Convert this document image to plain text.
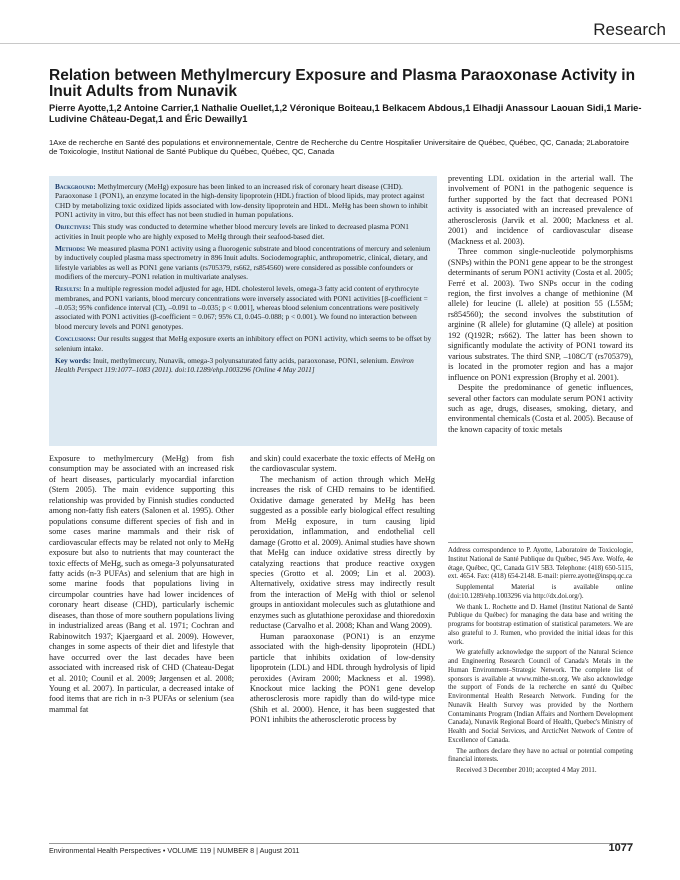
Research
Relation between Methylmercury Exposure and Plasma Paraoxonase Activity in Inuit Adults from Nunavik
Pierre Ayotte,1,2 Antoine Carrier,1 Nathalie Ouellet,1,2 Véronique Boiteau,1 Belkacem Abdous,1 Elhadji Anassour Laouan Sidi,1 Marie-Ludivine Château-Degat,1 and Éric Dewailly1
1Axe de recherche en Santé des populations et environnementale, Centre de Recherche du Centre Hospitalier Universitaire de Québec, Québec, QC, Canada; 2Laboratoire de Toxicologie, Institut National de Santé Publique du Québec, Québec, QC, Canada

Background: Methylmercury (MeHg) exposure has been linked to an increased risk of coronary heart disease (CHD). Paraoxonase 1 (PON1), an enzyme located in the high-density lipoprotein (HDL) fraction of blood lipids, may protect against CHD by metabolizing toxic oxidized lipids associated with low-density lipoprotein and HDL. MeHg has been shown to inhibit PON1 activity in vitro, but this effect has not been studied in human populations.

Objectives: This study was conducted to determine whether blood mercury levels are linked to decreased plasma PON1 activities in Inuit people who are highly exposed to MeHg through their seafood-based diet.

Methods: We measured plasma PON1 activity using a fluorogenic substrate and blood concentrations of mercury and selenium by inductively coupled plasma mass spectrometry in 896 Inuit adults. Sociodemographic, anthropometric, clinical, dietary, and lifestyle variables as well as PON1 gene variants (rs705379, rs662, rs854560) were considered as possible confounders or modifiers of the mercury–PON1 relation in multivariate analyses.

Results: In a multiple regression model adjusted for age, HDL cholesterol levels, omega-3 fatty acid content of erythrocyte membranes, and PON1 variants, blood mercury concentrations were inversely associated with PON1 activities [β-coefficient = –0.053; 95% confidence interval (CI), –0.091 to –0.035; p < 0.001], whereas blood selenium concentrations were positively associated with PON1 activities (β-coefficient = 0.067; 95% CI, 0.045–0.088; p < 0.001). We found no interaction between blood mercury levels and PON1 genotypes.

Conclusions: Our results suggest that MeHg exposure exerts an inhibitory effect on PON1 activity, which seems to be offset by selenium intake.

Key words: Inuit, methylmercury, Nunavik, omega-3 polyunsaturated fatty acids, paraoxonase, PON1, selenium. Environ Health Perspect 119:1077–1083 (2011). doi:10.1289/ehp.1003296 [Online 4 May 2011]

Exposure to methylmercury (MeHg) from fish consumption may be associated with an increased risk of heart diseases, particularly myocardial infarction (Stern 2005). The main evidence supporting this relationship was provided by Finnish studies conducted among non-fatty fish eaters (Salonen et al. 1995). Other populations consume different species of fish and in some cases marine mammals and their risk of cardiovascular effects may be related not only to MeHg exposure but also to nutrients that may counteract the toxic effects of MeHg, such as omega-3 polyunsaturated fatty acids (n-3 PUFAs) and selenium that are high in some marine foods that populations living in circumpolar countries have had lower incidences of coronary heart disease (CHD), particularly ischemic diseases, than those of more southern populations living in industrialized areas (Bang et al. 1971; Cochran and Rabinowitch 1937; Kjaergaard et al. 2009). However, changes in some aspects of their diet and lifestyle that have occurred over the last decades have been associated with increased risk of CHD (Chateau-Degat et al. 2010; Counil et al. 2009; Jørgensen et al. 2008; Young et al. 2007). In particular, a decreased intake of food items that are rich in n-3 PUFAs or selenium (sea mammal fat

and skin) could exacerbate the toxic effects of MeHg on the cardiovascular system.

The mechanism of action through which MeHg increases the risk of CHD remains to be identified. Oxidative damage generated by MeHg has been suggested as a possible early biological effect resulting from MeHg exposure, in turn causing lipid peroxidation, inflammation, and endothelial cell damage (Grotto et al. 2009). Animal studies have shown that MeHg can induce oxidative stress directly by catalyzing reactions that produce reactive oxygen species (Grotto et al. 2009; Lin et al. 2003). Alternatively, oxidative stress may indirectly result from the interaction of MeHg with thiol or selenol groups in antioxidant molecules such as glutathione and enzymes such as glutathione peroxidase and thioredoxin reductase (Carvalho et al. 2008; Khan and Wang 2009).

Human paraoxonase (PON1) is an enzyme associated with the high-density lipoprotein (HDL) particle that inhibits oxidation of low-density lipoprotein (LDL) and HDL through hydrolysis of lipid peroxides (Aviram 2000; Mackness et al. 1998). Knockout mice lacking the PON1 gene develop atherosclerosis more rapidly than do wild-type mice (Shih et al. 2000). Hence, it has been suggested that PON1 inhibits the atherosclerotic process by

preventing LDL oxidation in the arterial wall. The involvement of PON1 in the pathogenic sequence is further supported by the fact that decreased PON1 activity is associated with an increased prevalence of atherosclerosis (Jarvik et al. 2000; Mackness et al. 2001) and incidence of cardiovascular disease (Mackness et al. 2003).

Three common single-nucleotide polymorphisms (SNPs) within the PON1 gene appear to be the strongest determinants of serum PON1 activity (Costa et al. 2005; Ferré et al. 2003). Two SNPs occur in the coding region, the first involves a change of methionine (M allele) for leucine (L allele) at position 55 (L55M; rs854560); the second involves the substitution of arginine (R allele) for glutamine (Q allele) at position 192 (Q192R; rs662). The latter has been shown to significantly modulate the activity of PON1 toward its various substrates. The third SNP, –108C/T (rs705379), is located in the promoter region and has a major influence on PON1 expression (Brophy et al. 2001).

Despite the predominance of genetic influences, several other factors can modulate serum PON1 activity such as age, drugs, diseases, smoking, dietary, and environmental chemicals (Costa et al. 2005). Because of the known capacity of toxic metals

Address correspondence to P. Ayotte, Laboratoire de Toxicologie, Institut National de Santé Publique du Québec, 945 Ave. Wolfe, 4e étage, Québec, QC, Canada G1V 5B3. Telephone: (418) 650-5115, ext. 4654. Fax: (418) 654-2148. E-mail: pierre.ayotte@inspq.qc.ca

Supplemental Material is available online (doi:10.1289/ehp.1003296 via http://dx.doi.org/).

We thank L. Rochette and D. Hamel (Institut National de Santé Publique du Québec) for managing the data base and writing the programs for bootstrap estimation of statistical parameters. We are also grateful to J. Rumen, who provided the initial ideas for this work.

We gratefully acknowledge the support of the Natural Science and Engineering Research Council of Canada's Metals in the Human Environment–Strategic Network. The complete list of sponsors is available at www.mithe-sn.org. We also acknowledge the support of Fonds de la recherche en santé du Québec Environmental Health Research Network. Funding for the Nunavik Health Survey was provided by the Northern Contaminants Program (Indian Affairs and Northern Development Canada), Nunavik Regional Board of Health, Quebec's Ministry of Health and Social Services, and ArcticNet Network of Centre of Excellence of Canada.

The authors declare they have no actual or potential competing financial interests.

Received 3 December 2010; accepted 4 May 2011.

Environmental Health Perspectives • VOLUME 119 | NUMBER 8 | August 2011	1077
